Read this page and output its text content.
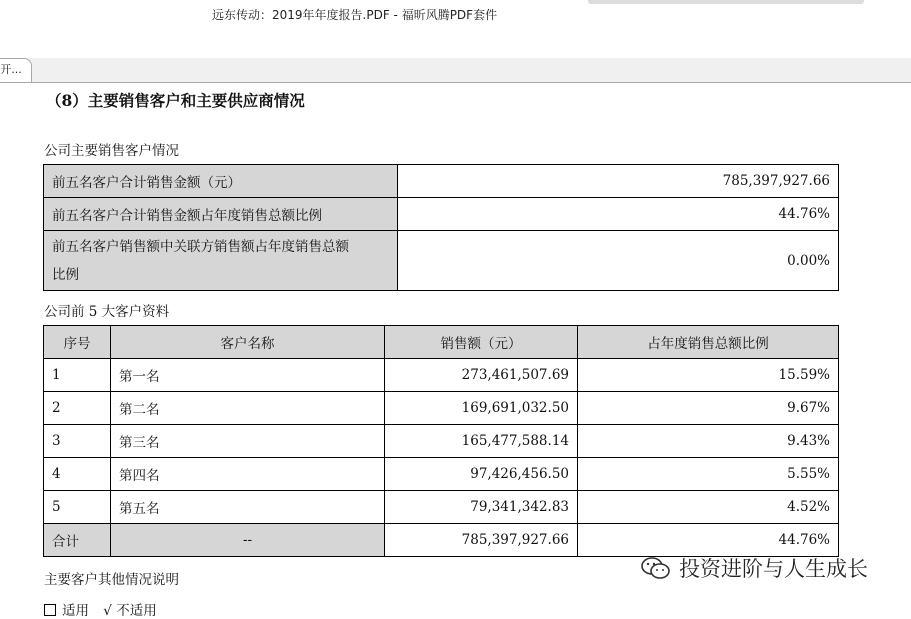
远东传动：2019年年度报告.PDF - 福昕风腾PDF套件
开...
（8）主要销售客户和主要供应商情况
公司主要销售客户情况
前五名客户合计销售金额（元）	785,397,927.66
前五名客户合计销售金额占年度销售总额比例	44.76%
前五名客户销售额中关联方销售额占年度销售总额
比例	0.00%
公司前 5 大客户资料
序号	客户名称	销售额（元）	占年度销售总额比例
1	第一名	273,461,507.69	15.59%
2	第二名	169,691,032.50	9.67%
3	第三名	165,477,588.14	9.43%
4	第四名	97,426,456.50	5.55%
5	第五名	79,341,342.83	4.52%
合计	--	785,397,927.66	44.76%
主要客户其他情况说明
适用 √ 不适用
投资进阶与人生成长
